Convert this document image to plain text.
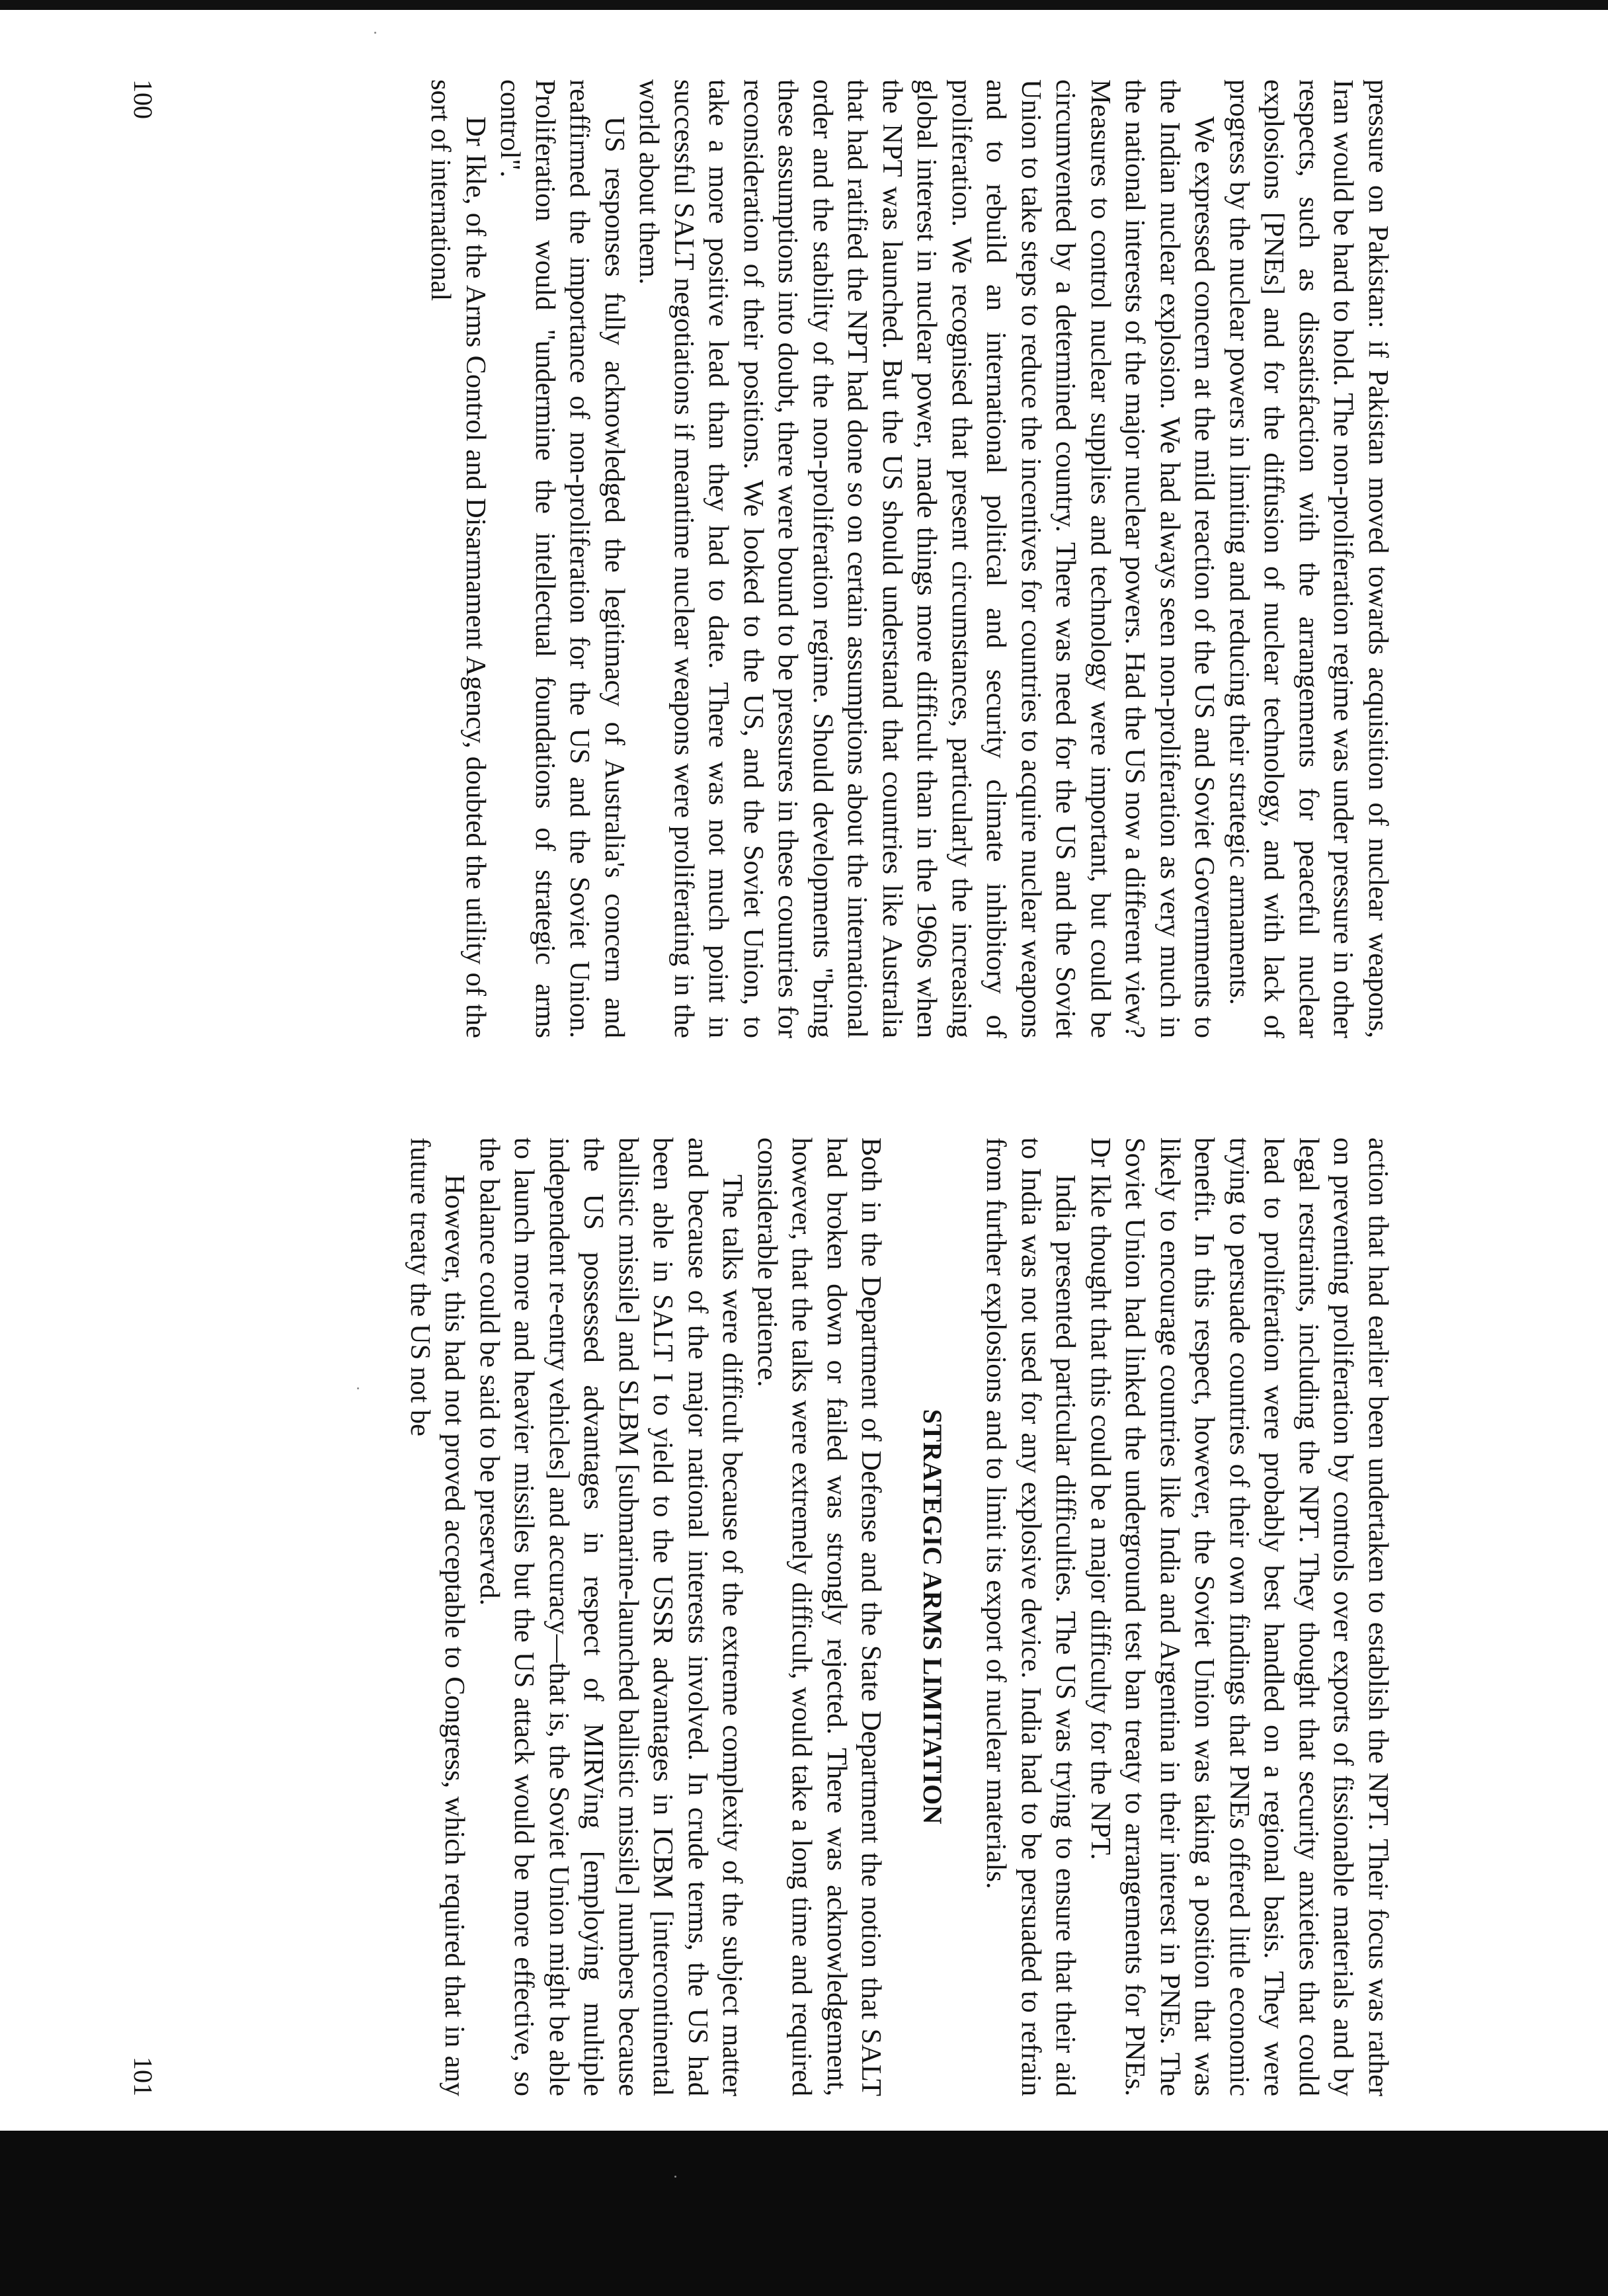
pressure on Pakistan: if Pakistan moved towards acquisition of nuclear weapons, Iran would be hard to hold. The non-proliferation regime was under pressure in other respects, such as dissatisfaction with the arrangements for peaceful nuclear explosions [PNEs] and for the diffusion of nuclear technology, and with lack of progress by the nuclear powers in limiting and reducing their strategic armaments.

We expressed concern at the mild reaction of the US and Soviet Governments to the Indian nuclear explosion. We had always seen non-proliferation as very much in the national interests of the major nuclear powers. Had the US now a different view? Measures to control nuclear supplies and technology were important, but could be circumvented by a determined country. There was need for the US and the Soviet Union to take steps to reduce the incentives for countries to acquire nuclear weapons and to rebuild an international political and security climate inhibitory of proliferation. We recognised that present circumstances, particularly the increasing global interest in nuclear power, made things more difficult than in the 1960s when the NPT was launched. But the US should understand that countries like Australia that had ratified the NPT had done so on certain assumptions about the international order and the stability of the non-proliferation regime. Should developments "bring these assumptions into doubt, there were bound to be pressures in these countries for reconsideration of their positions. We looked to the US, and the Soviet Union, to take a more positive lead than they had to date. There was not much point in successful SALT negotiations if meantime nuclear weapons were proliferating in the world about them.

US responses fully acknowledged the legitimacy of Australia's concern and reaffirmed the importance of non-proliferation for the US and the Soviet Union. Proliferation would "undermine the intellectual foundations of strategic arms control".

Dr Ikle, of the Arms Control and Disarmament Agency, doubted the utility of the sort of international

100

action that had earlier been undertaken to establish the NPT. Their focus was rather on preventing proliferation by controls over exports of fissionable materials and by legal restraints, including the NPT. They thought that security anxieties that could lead to proliferation were probably best handled on a regional basis. They were trying to persuade countries of their own findings that PNEs offered little economic benefit. In this respect, however, the Soviet Union was taking a position that was likely to encourage countries like India and Argentina in their interest in PNEs. The Soviet Union had linked the underground test ban treaty to arrangements for PNEs. Dr Ikle thought that this could be a major difficulty for the NPT.

India presented particular difficulties. The US was trying to ensure that their aid to India was not used for any explosive device. India had to be persuaded to refrain from further explosions and to limit its export of nuclear materials.

STRATEGIC ARMS LIMITATION

Both in the Department of Defense and the State Department the notion that SALT had broken down or failed was strongly rejected. There was acknowledgement, however, that the talks were extremely difficult, would take a long time and required considerable patience.

The talks were difficult because of the extreme complexity of the subject matter and because of the major national interests involved. In crude terms, the US had been able in SALT I to yield to the USSR advantages in ICBM [intercontinental ballistic missile] and SLBM [submarine-launched ballistic missile] numbers because the US possessed advantages in respect of MIRVing [employing multiple independent re-entry vehicles] and accuracy—that is, the Soviet Union might be able to launch more and heavier missiles but the US attack would be more effective, so the balance could be said to be preserved.

However, this had not proved acceptable to Congress, which required that in any future treaty the US not be

101
